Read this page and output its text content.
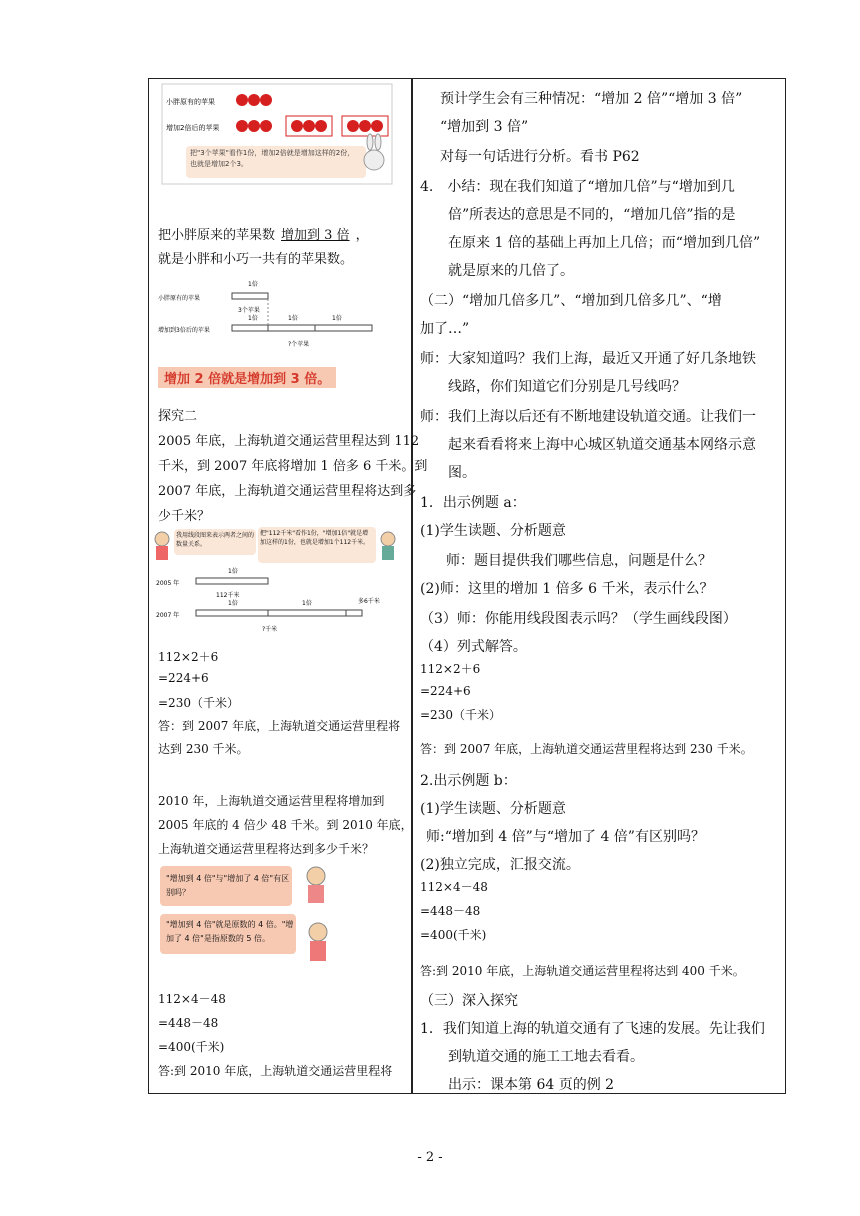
小胖原有的苹果
增加2倍后的苹果
把"3个苹果"看作1份，增加2倍就是增加这样的2份，也就是增加2个3。
把小胖原来的苹果数 增加到 3 倍 ，
就是小胖和小巧一共有的苹果数。
小胖原有的苹果
增加到3倍后的苹果
1倍
3个苹果
1倍	1倍	1倍
?个苹果
增加 2 倍就是增加到 3 倍。
探究二
2005 年底，上海轨道交通运营里程达到 112
千米，到 2007 年底将增加 1 倍多 6 千米。到
2007 年底，上海轨道交通运营里程将达到多
少千米？
我用线段图来表示两者之间的数量关系。
把"112千米"看作1份，"增加1倍"就是增加这样的1份，也就是增加1个112千米。
2005 年
1倍
112千米
2007 年
1倍	1倍	多6千米
?千米
112×2＋6
=224+6
=230（千米）
答：到 2007 年底，上海轨道交通运营里程将
达到 230 千米。
2010 年，上海轨道交通运营里程将增加到
2005 年底的 4 倍少 48 千米。到 2010 年底，
上海轨道交通运营里程将达到多少千米？
"增加到 4 倍"与"增加了 4 倍"有区别吗？
"增加到 4 倍"就是原数的 4 倍。"增加了 4 倍"是指原数的 5 倍。
112×4－48
=448－48
=400(千米)
答:到 2010 年底，上海轨道交通运营里程将
预计学生会有三种情况：“增加 2 倍”“增加 3 倍”
“增加到 3 倍”
对每一句话进行分析。看书 P62
4.　小结：现在我们知道了“增加几倍”与“增加到几
倍”所表达的意思是不同的，“增加几倍”指的是
在原来 1 倍的基础上再加上几倍；而“增加到几倍”
就是原来的几倍了。
（二）“增加几倍多几”、“增加到几倍多几”、“增
加了…”
师：大家知道吗？我们上海，最近又开通了好几条地铁
线路，你们知道它们分别是几号线吗？
师：我们上海以后还有不断地建设轨道交通。让我们一
起来看看将来上海中心城区轨道交通基本网络示意
图。
1．出示例题 a：
(1)学生读题、分析题意
师：题目提供我们哪些信息，问题是什么？
(2)师：这里的增加 1 倍多 6 千米，表示什么？
（3）师：你能用线段图表示吗？（学生画线段图）
（4）列式解答。
112×2＋6
=224+6
=230（千米）
答：到 2007 年底，上海轨道交通运营里程将达到 230 千米。
2.出示例题 b：
(1)学生读题、分析题意
师:“增加到 4 倍”与“增加了 4 倍”有区别吗？
(2)独立完成，汇报交流。
112×4－48
=448－48
=400(千米)
答:到 2010 年底，上海轨道交通运营里程将达到 400 千米。
（三）深入探究
1．我们知道上海的轨道交通有了飞速的发展。先让我们
到轨道交通的施工工地去看看。
出示：课本第 64 页的例 2
- 2 -
